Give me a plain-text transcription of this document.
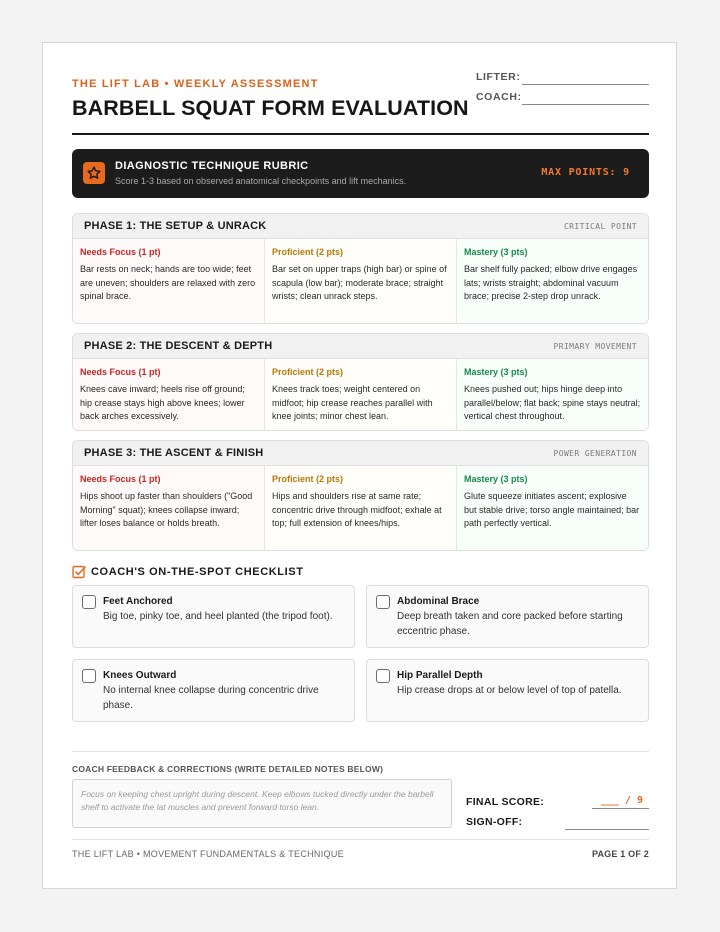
THE LIFT LAB • WEEKLY ASSESSMENT
BARBELL SQUAT FORM EVALUATION
LIFTER:
COACH:
DIAGNOSTIC TECHNIQUE RUBRIC
Score 1-3 based on observed anatomical checkpoints and lift mechanics.
MAX POINTS: 9
PHASE 1: THE SETUP & UNRACK	CRITICAL POINT
Needs Focus (1 pt)
Bar rests on neck; hands are too wide; feet are uneven; shoulders are relaxed with zero spinal brace.
Proficient (2 pts)
Bar set on upper traps (high bar) or spine of scapula (low bar); moderate brace; straight wrists; clean unrack steps.
Mastery (3 pts)
Bar shelf fully packed; elbow drive engages lats; wrists straight; abdominal vacuum brace; precise 2-step drop unrack.
PHASE 2: THE DESCENT & DEPTH	PRIMARY MOVEMENT
Needs Focus (1 pt)
Knees cave inward; heels rise off ground; hip crease stays high above knees; lower back arches excessively.
Proficient (2 pts)
Knees track toes; weight centered on midfoot; hip crease reaches parallel with knee joints; minor chest lean.
Mastery (3 pts)
Knees pushed out; hips hinge deep into parallel/below; flat back; spine stays neutral; vertical chest throughout.
PHASE 3: THE ASCENT & FINISH	POWER GENERATION
Needs Focus (1 pt)
Hips shoot up faster than shoulders ("Good Morning" squat); knees collapse inward; lifter loses balance or holds breath.
Proficient (2 pts)
Hips and shoulders rise at same rate; concentric drive through midfoot; exhale at top; full extension of knees/hips.
Mastery (3 pts)
Glute squeeze initiates ascent; explosive but stable drive; torso angle maintained; bar path perfectly vertical.
COACH'S ON-THE-SPOT CHECKLIST
Feet Anchored
Big toe, pinky toe, and heel planted (the tripod foot).
Abdominal Brace
Deep breath taken and core packed before starting eccentric phase.
Knees Outward
No internal knee collapse during concentric drive phase.
Hip Parallel Depth
Hip crease drops at or below level of top of patella.
COACH FEEDBACK & CORRECTIONS (WRITE DETAILED NOTES BELOW)
Focus on keeping chest upright during descent. Keep elbows tucked directly under the barbell shelf to activate the lat muscles and prevent forward torso lean.	FINAL SCORE:	___ / 9
SIGN-OFF:
THE LIFT LAB • MOVEMENT FUNDAMENTALS & TECHNIQUE	PAGE 1 OF 2
